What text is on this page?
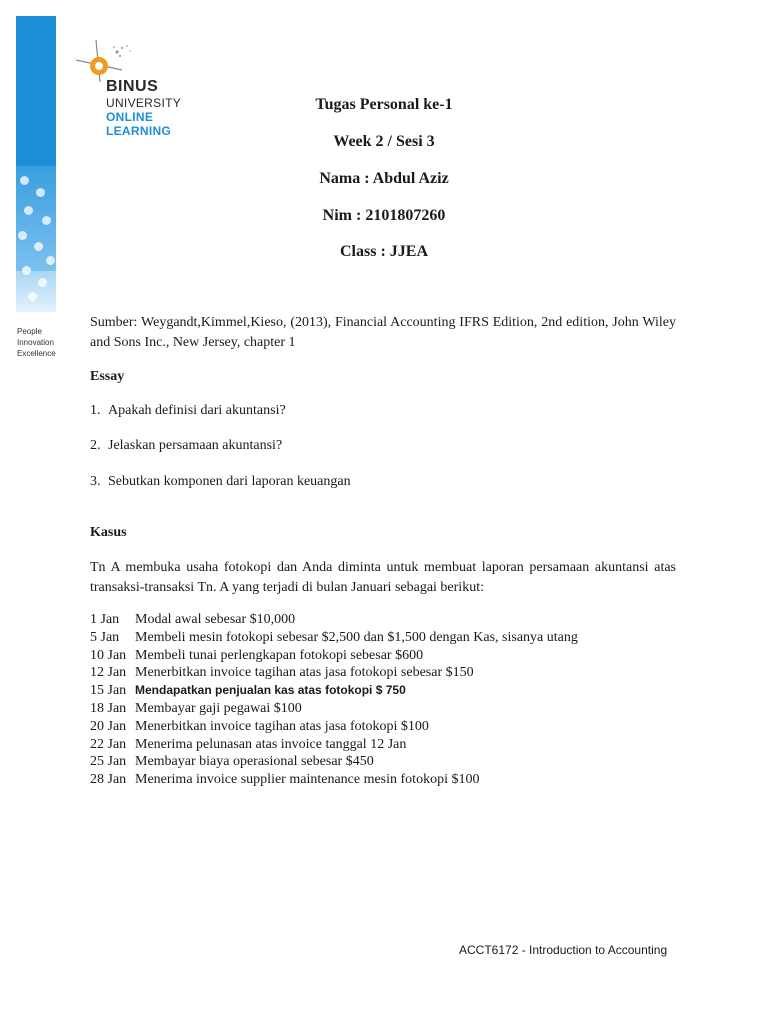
People
Innovation
Excellence
BINUS
UNIVERSITY
ONLINE
LEARNING
Tugas Personal ke-1
Week 2 / Sesi 3
Nama : Abdul Aziz
Nim : 2101807260
Class : JJEA
Sumber: Weygandt,Kimmel,Kieso, (2013), Financial Accounting IFRS Edition, 2nd edition, John Wiley and Sons Inc., New Jersey, chapter 1
Essay
1. Apakah definisi dari akuntansi?
2. Jelaskan persamaan akuntansi?
3. Sebutkan komponen dari laporan keuangan
Kasus
Tn A membuka usaha fotokopi dan Anda diminta untuk membuat laporan persamaan akuntansi atas transaksi-transaksi Tn. A yang terjadi di bulan Januari sebagai berikut:
1 Jan Modal awal sebesar $10,000
5 Jan Membeli mesin fotokopi sebesar $2,500 dan $1,500 dengan Kas, sisanya utang
10 Jan Membeli tunai perlengkapan fotokopi sebesar $600
12 Jan Menerbitkan invoice tagihan atas jasa fotokopi sebesar $150
15 Jan Mendapatkan penjualan kas atas fotokopi $ 750
18 Jan Membayar gaji pegawai $100
20 Jan Menerbitkan invoice tagihan atas jasa fotokopi $100
22 Jan Menerima pelunasan atas invoice tanggal 12 Jan
25 Jan Membayar biaya operasional sebesar $450
28 Jan Menerima invoice supplier maintenance mesin fotokopi $100
ACCT6172 - Introduction to Accounting
